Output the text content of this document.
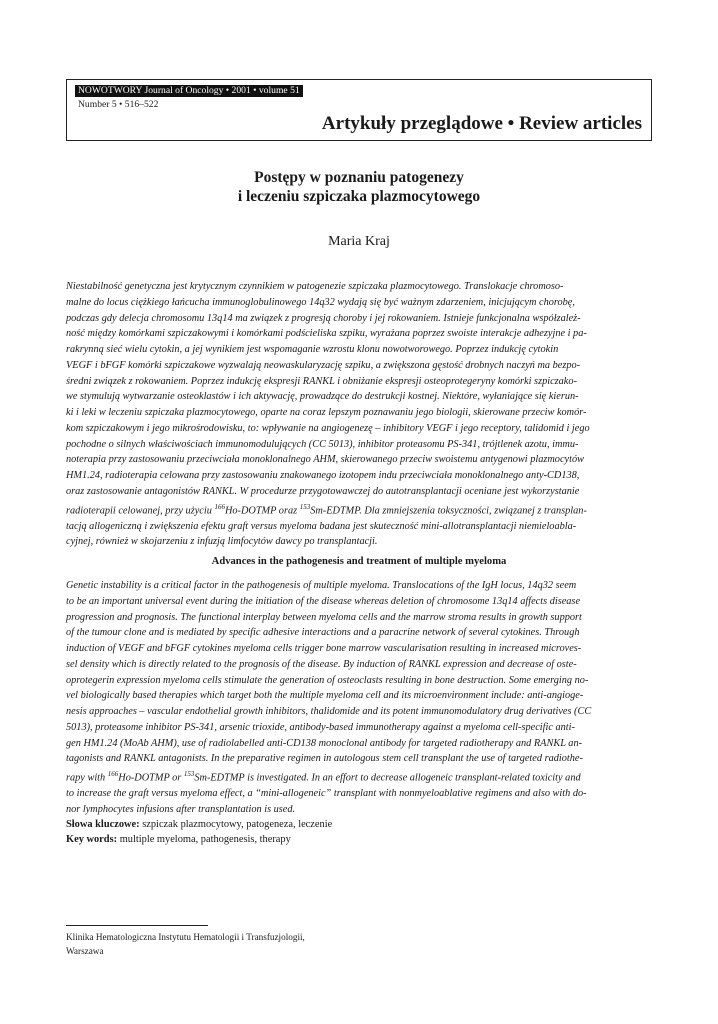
NOWOTWORY Journal of Oncology • 2001 • volume 51
Number 5 • 516–522
Artykuły przeglądowe • Review articles
Postępy w poznaniu patogenezy
i leczeniu szpiczaka plazmocytowego
Maria Kraj
Niestabilność genetyczna jest krytycznym czynnikiem w patogenezie szpiczaka plazmocytowego. Translokacje chromoso-
malne do locus ciężkiego łańcucha immunoglobulinowego 14q32 wydają się być ważnym zdarzeniem, inicjującym chorobę,
podczas gdy delecja chromosomu 13q14 ma związek z progresją choroby i jej rokowaniem. Istnieje funkcjonalna współzależ-
ność między komórkami szpiczakowymi i komórkami podścieliska szpiku, wyrażana poprzez swoiste interakcje adhezyjne i pa-
rakrynną sieć wielu cytokin, a jej wynikiem jest wspomaganie wzrostu klonu nowotworowego. Poprzez indukcję cytokin
VEGF i bFGF komórki szpiczakowe wyzwalają neowaskularyzację szpiku, a zwiększona gęstość drobnych naczyń ma bezpo-
średni związek z rokowaniem. Poprzez indukcję ekspresji RANKL i obniżanie ekspresji osteoprotegeryny komórki szpiczako-
we stymulują wytwarzanie osteoklastów i ich aktywację, prowadzące do destrukcji kostnej. Niektóre, wyłaniające się kierun-
ki i leki w leczeniu szpiczaka plazmocytowego, oparte na coraz lepszym poznawaniu jego biologii, skierowane przeciw komór-
kom szpiczakowym i jego mikrośrodowisku, to: wpływanie na angiogenezę – inhibitory VEGF i jego receptory, talidomid i jego
pochodne o silnych właściwościach immunomodulujących (CC 5013), inhibitor proteasomu PS-341, trójtlenek azotu, immu-
noterapia przy zastosowaniu przeciwciała monoklonalnego AHM, skierowanego przeciw swoistemu antygenowi plazmocytów
HM1.24, radioterapia celowana przy zastosowaniu znakowanego izotopem indu przeciwciała monoklonalnego anty-CD138,
oraz zastosowanie antagonistów RANKL. W procedurze przygotowawczej do autotransplantacji oceniane jest wykorzystanie
radioterapii celowanej, przy użyciu $^{166}$Ho-DOTMP oraz $^{153}$Sm-EDTMP. Dla zmniejszenia toksyczności, związanej z transplan-
tacją allogeniczną i zwiększenia efektu graft versus myeloma badana jest skuteczność mini-allotransplantacji niemieloabla-
cyjnej, również w skojarzeniu z infuzją limfocytów dawcy po transplantacji.
Advances in the pathogenesis and treatment of multiple myeloma
Genetic instability is a critical factor in the pathogenesis of multiple myeloma. Translocations of the IgH locus, 14q32 seem
to be an important universal event during the initiation of the disease whereas deletion of chromosome 13q14 affects disease
progression and prognosis. The functional interplay between myeloma cells and the marrow stroma results in growth support
of the tumour clone and is mediated by specific adhesive interactions and a paracrine network of several cytokines. Through
induction of VEGF and bFGF cytokines myeloma cells trigger bone marrow vascularisation resulting in increased microves-
sel density which is directly related to the prognosis of the disease. By induction of RANKL expression and decrease of oste-
oprotegerin expression myeloma cells stimulate the generation of osteoclasts resulting in bone destruction. Some emerging no-
vel biologically based therapies which target both the multiple myeloma cell and its microenvironment include: anti-angioge-
nesis approaches – vascular endothelial growth inhibitors, thalidomide and its potent immunomodulatory drug derivatives (CC
5013), proteasome inhibitor PS-341, arsenic trioxide, antibody-based immunotherapy against a myeloma cell-specific anti-
gen HM1.24 (MoAb AHM), use of radiolabelled anti-CD138 monoclonal antibody for targeted radiotherapy and RANKL an-
tagonists and RANKL antagonists. In the preparative regimen in autologous stem cell transplant the use of targeted radiothe-
rapy with $^{166}$Ho-DOTMP or $^{153}$Sm-EDTMP is investigated. In an effort to decrease allogeneic transplant-related toxicity and
to increase the graft versus myeloma effect, a “mini-allogeneic” transplant with nonmyeloablative regimens and also with do-
nor lymphocytes infusions after transplantation is used.
Słowa kluczowe: szpiczak plazmocytowy, patogeneza, leczenie
Key words: multiple myeloma, pathogenesis, therapy
Klinika Hematologiczna Instytutu Hematologii i Transfuzjologii,
Warszawa
